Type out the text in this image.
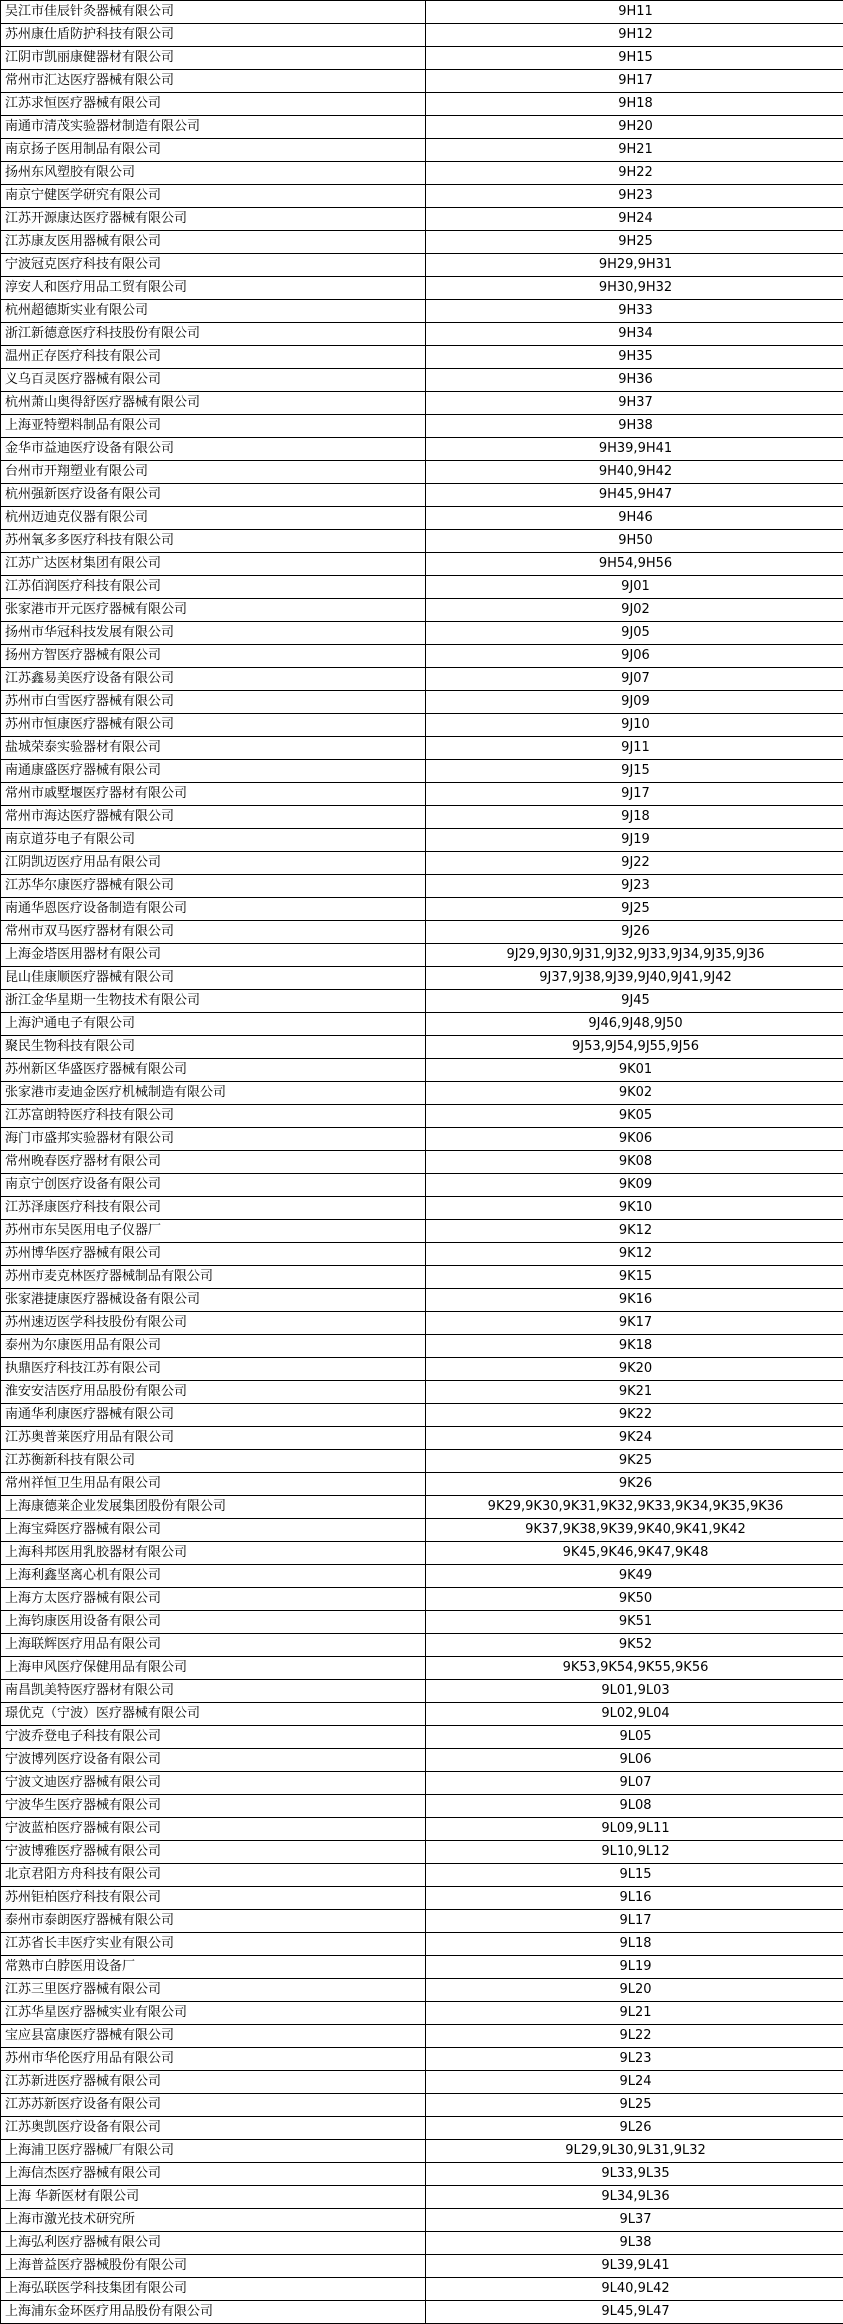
吴江市佳辰针灸器械有限公司	9H11
苏州康仕盾防护科技有限公司	9H12
江阴市凯丽康健器材有限公司	9H15
常州市汇达医疗器械有限公司	9H17
江苏求恒医疗器械有限公司	9H18
南通市清茂实验器材制造有限公司	9H20
南京扬子医用制品有限公司	9H21
扬州东风塑胶有限公司	9H22
南京宁健医学研究有限公司	9H23
江苏开源康达医疗器械有限公司	9H24
江苏康友医用器械有限公司	9H25
宁波冠克医疗科技有限公司	9H29,9H31
淳安人和医疗用品工贸有限公司	9H30,9H32
杭州超德斯实业有限公司	9H33
浙江新德意医疗科技股份有限公司	9H34
温州正存医疗科技有限公司	9H35
义乌百灵医疗器械有限公司	9H36
杭州萧山奥得舒医疗器械有限公司	9H37
上海亚特塑料制品有限公司	9H38
金华市益迪医疗设备有限公司	9H39,9H41
台州市开翔塑业有限公司	9H40,9H42
杭州强新医疗设备有限公司	9H45,9H47
杭州迈迪克仪器有限公司	9H46
苏州氧多多医疗科技有限公司	9H50
江苏广达医材集团有限公司	9H54,9H56
江苏佰润医疗科技有限公司	9J01
张家港市开元医疗器械有限公司	9J02
扬州市华冠科技发展有限公司	9J05
扬州方智医疗器械有限公司	9J06
江苏鑫易美医疗设备有限公司	9J07
苏州市白雪医疗器械有限公司	9J09
苏州市恒康医疗器械有限公司	9J10
盐城荣泰实验器材有限公司	9J11
南通康盛医疗器械有限公司	9J15
常州市戚墅堰医疗器材有限公司	9J17
常州市海达医疗器械有限公司	9J18
南京道芬电子有限公司	9J19
江阴凯迈医疗用品有限公司	9J22
江苏华尔康医疗器械有限公司	9J23
南通华恩医疗设备制造有限公司	9J25
常州市双马医疗器材有限公司	9J26
上海金塔医用器材有限公司	9J29,9J30,9J31,9J32,9J33,9J34,9J35,9J36
昆山佳康顺医疗器械有限公司	9J37,9J38,9J39,9J40,9J41,9J42
浙江金华星期一生物技术有限公司	9J45
上海沪通电子有限公司	9J46,9J48,9J50
聚民生物科技有限公司	9J53,9J54,9J55,9J56
苏州新区华盛医疗器械有限公司	9K01
张家港市麦迪金医疗机械制造有限公司	9K02
江苏富朗特医疗科技有限公司	9K05
海门市盛邦实验器材有限公司	9K06
常州晚春医疗器材有限公司	9K08
南京宁创医疗设备有限公司	9K09
江苏泽康医疗科技有限公司	9K10
苏州市东吴医用电子仪器厂	9K12
苏州博华医疗器械有限公司	9K12
苏州市麦克林医疗器械制品有限公司	9K15
张家港捷康医疗器械设备有限公司	9K16
苏州速迈医学科技股份有限公司	9K17
泰州为尔康医用品有限公司	9K18
执鼎医疗科技江苏有限公司	9K20
淮安安洁医疗用品股份有限公司	9K21
南通华利康医疗器械有限公司	9K22
江苏奥普莱医疗用品有限公司	9K24
江苏衡新科技有限公司	9K25
常州祥恒卫生用品有限公司	9K26
上海康德莱企业发展集团股份有限公司	9K29,9K30,9K31,9K32,9K33,9K34,9K35,9K36
上海宝舜医疗器械有限公司	9K37,9K38,9K39,9K40,9K41,9K42
上海科邦医用乳胶器材有限公司	9K45,9K46,9K47,9K48
上海利鑫坚离心机有限公司	9K49
上海方太医疗器械有限公司	9K50
上海钧康医用设备有限公司	9K51
上海联辉医疗用品有限公司	9K52
上海申风医疗保健用品有限公司	9K53,9K54,9K55,9K56
南昌凯美特医疗器材有限公司	9L01,9L03
璟优克（宁波）医疗器械有限公司	9L02,9L04
宁波乔登电子科技有限公司	9L05
宁波博列医疗设备有限公司	9L06
宁波文迪医疗器械有限公司	9L07
宁波华生医疗器械有限公司	9L08
宁波蓝柏医疗器械有限公司	9L09,9L11
宁波博雅医疗器械有限公司	9L10,9L12
北京君阳方舟科技有限公司	9L15
苏州钜柏医疗科技有限公司	9L16
泰州市泰朗医疗器械有限公司	9L17
江苏省长丰医疗实业有限公司	9L18
常熟市白脖医用设备厂	9L19
江苏三里医疗器械有限公司	9L20
江苏华星医疗器械实业有限公司	9L21
宝应县富康医疗器械有限公司	9L22
苏州市华伦医疗用品有限公司	9L23
江苏新进医疗器械有限公司	9L24
江苏苏新医疗设备有限公司	9L25
江苏奥凯医疗设备有限公司	9L26
上海浦卫医疗器械厂有限公司	9L29,9L30,9L31,9L32
上海信杰医疗器械有限公司	9L33,9L35
上海 华新医材有限公司	9L34,9L36
上海市激光技术研究所	9L37
上海弘利医疗器械有限公司	9L38
上海普益医疗器械股份有限公司	9L39,9L41
上海弘联医学科技集团有限公司	9L40,9L42
上海浦东金环医疗用品股份有限公司	9L45,9L47
